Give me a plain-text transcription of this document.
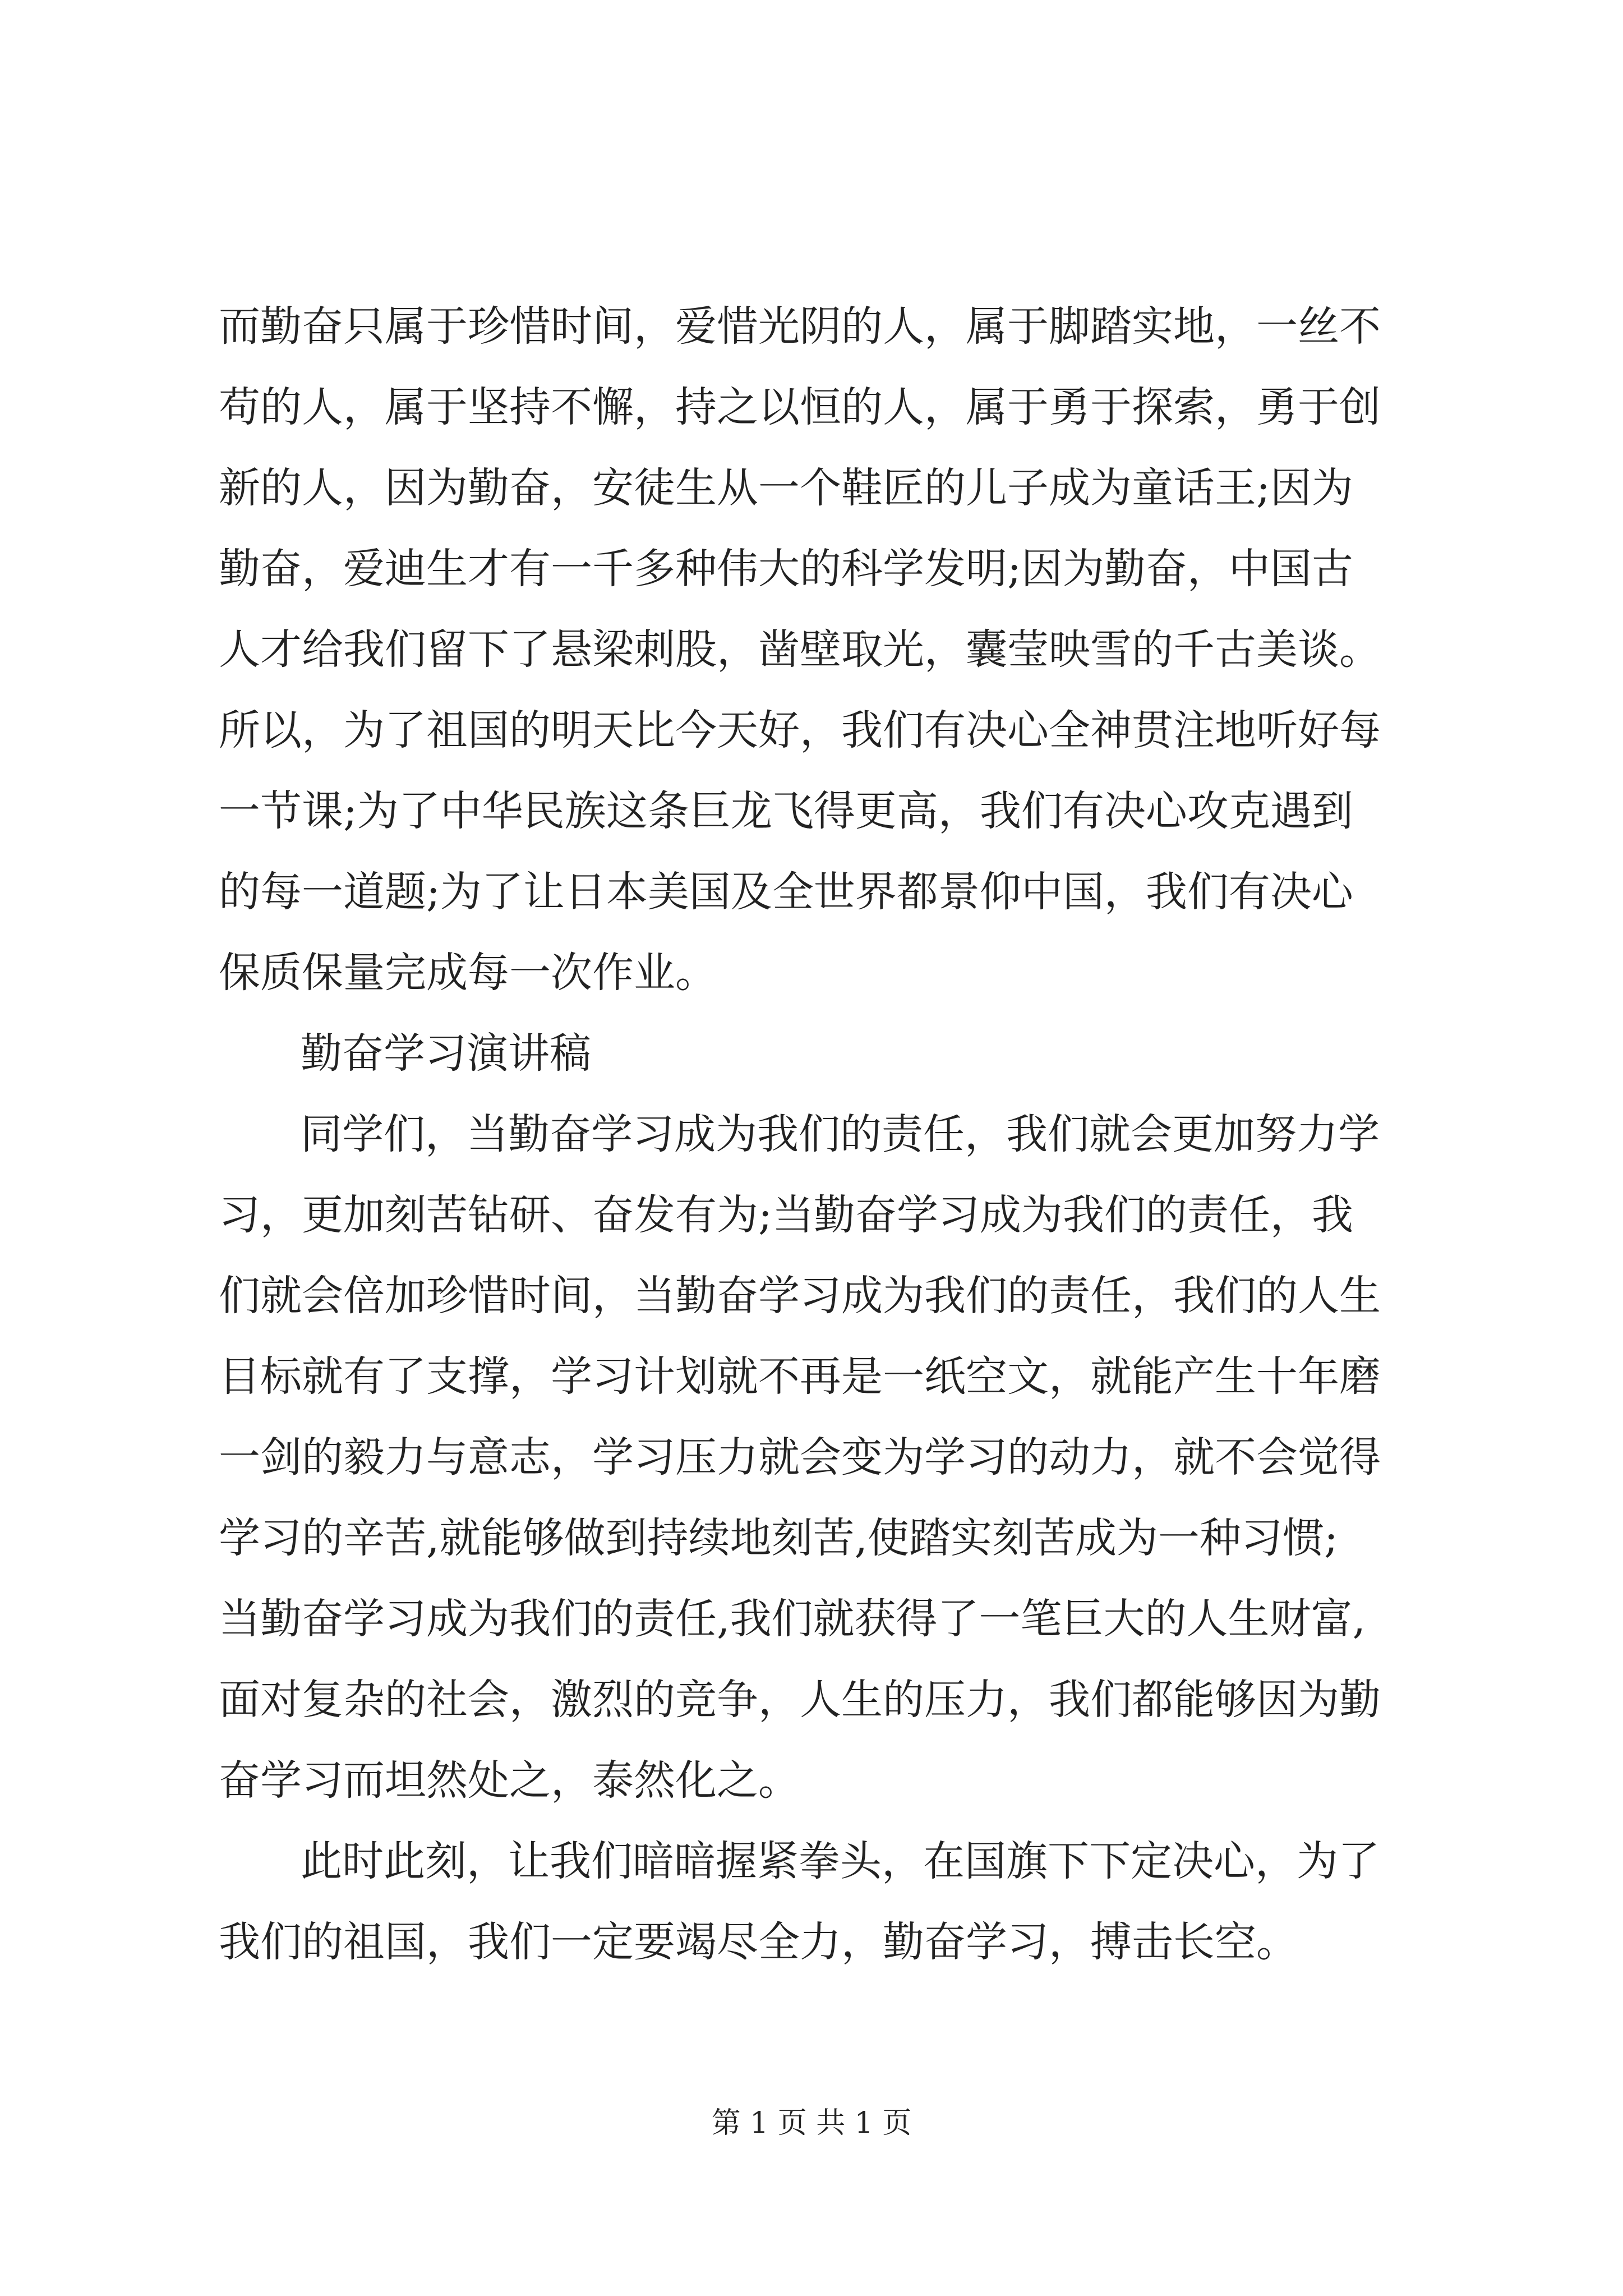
而勤奋只属于珍惜时间，爱惜光阴的人，属于脚踏实地，一丝不
苟的人，属于坚持不懈，持之以恒的人，属于勇于探索，勇于创
新的人，因为勤奋，安徒生从一个鞋匠的儿子成为童话王;因为
勤奋，爱迪生才有一千多种伟大的科学发明;因为勤奋，中国古
人才给我们留下了悬梁刺股，凿壁取光，囊莹映雪的千古美谈。
所以，为了祖国的明天比今天好，我们有决心全神贯注地听好每
一节课;为了中华民族这条巨龙飞得更高，我们有决心攻克遇到
的每一道题;为了让日本美国及全世界都景仰中国，我们有决心
保质保量完成每一次作业。
勤奋学习演讲稿
同学们，当勤奋学习成为我们的责任，我们就会更加努力学
习，更加刻苦钻研、奋发有为;当勤奋学习成为我们的责任，我
们就会倍加珍惜时间，当勤奋学习成为我们的责任，我们的人生
目标就有了支撑，学习计划就不再是一纸空文，就能产生十年磨
一剑的毅力与意志，学习压力就会变为学习的动力，就不会觉得
学习的辛苦,就能够做到持续地刻苦,使踏实刻苦成为一种习惯;
当勤奋学习成为我们的责任,我们就获得了一笔巨大的人生财富,
面对复杂的社会，激烈的竞争，人生的压力，我们都能够因为勤
奋学习而坦然处之，泰然化之。
此时此刻，让我们暗暗握紧拳头，在国旗下下定决心，为了
我们的祖国，我们一定要竭尽全力，勤奋学习，搏击长空。
第 1 页 共 1 页
